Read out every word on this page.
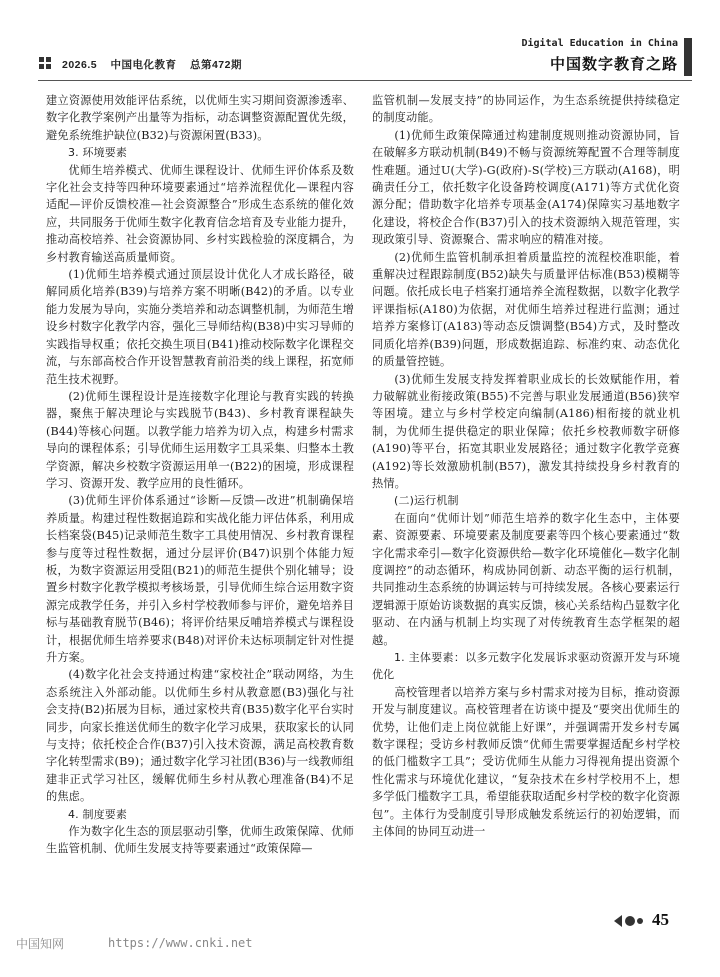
2026.5 中国电化教育 总第472期
Digital Education in China
中国数字教育之路

建立资源使用效能评估系统，以优师生实习期间资源渗透率、数字化教学案例产出量等为指标，动态调整资源配置优先级，避免系统维护缺位(B32)与资源闲置(B33)。

3. 环境要素

优师生培养模式、优师生课程设计、优师生评价体系及数字化社会支持等四种环境要素通过“培养流程优化—课程内容适配—评价反馈校准—社会资源整合”形成生态系统的催化效应，共同服务于优师生数字化教育信念培育及专业能力提升，推动高校培养、社会资源协同、乡村实践检验的深度耦合，为乡村教育输送高质量师资。

(1)优师生培养模式通过顶层设计优化人才成长路径，破解同质化培养(B39)与培养方案不明晰(B42)的矛盾。以专业能力发展为导向，实施分类培养和动态调整机制，为师范生增设乡村数字化教学内容，强化三导师结构(B38)中实习导师的实践指导权重；依托交换生项目(B41)推动校际数字化课程交流，与东部高校合作开设智慧教育前沿类的线上课程，拓宽师范生技术视野。

(2)优师生课程设计是连接数字化理论与教育实践的转换器，聚焦于解决理论与实践脱节(B43)、乡村教育课程缺失(B44)等核心问题。以教学能力培养为切入点，构建乡村需求导向的课程体系；引导优师生运用数字工具采集、归整本土教学资源，解决乡校数字资源运用单一(B22)的困境，形成课程学习、资源开发、教学应用的良性循环。

(3)优师生评价体系通过“诊断—反馈—改进”机制确保培养质量。构建过程性数据追踪和实战化能力评估体系，利用成长档案袋(B45)记录师范生数字工具使用情况、乡村教育课程参与度等过程性数据，通过分层评价(B47)识别个体能力短板，为数字资源运用受阻(B21)的师范生提供个别化辅导；设置乡村数字化教学模拟考核场景，引导优师生综合运用数字资源完成教学任务，并引入乡村学校教师参与评价，避免培养目标与基础教育脱节(B46)；将评价结果反哺培养模式与课程设计，根据优师生培养要求(B48)对评价未达标项制定针对性提升方案。

(4)数字化社会支持通过构建“家校社企”联动网络，为生态系统注入外部动能。以优师生乡村从教意愿(B3)强化与社会支持(B2)拓展为目标，通过家校共育(B35)数字化平台实时同步，向家长推送优师生的数字化学习成果，获取家长的认同与支持；依托校企合作(B37)引入技术资源，满足高校教育数字化转型需求(B9)；通过数字化学习社团(B36)与一线教师组建非正式学习社区，缓解优师生乡村从教心理准备(B4)不足的焦虑。

4. 制度要素

作为数字化生态的顶层驱动引擎，优师生政策保障、优师生监管机制、优师生发展支持等要素通过“政策保障—

监管机制—发展支持”的协同运作，为生态系统提供持续稳定的制度动能。

(1)优师生政策保障通过构建制度规则推动资源协同，旨在破解多方联动机制(B49)不畅与资源统筹配置不合理等制度性难题。通过U(大学)-G(政府)-S(学校)三方联动(A168)，明确责任分工，依托数字化设备跨校调度(A171)等方式优化资源分配；借助数字化培养专项基金(A174)保障实习基地数字化建设，将校企合作(B37)引入的技术资源纳入规范管理，实现政策引导、资源聚合、需求响应的精准对接。

(2)优师生监管机制承担着质量监控的流程校准职能，着重解决过程跟踪制度(B52)缺失与质量评估标准(B53)模糊等问题。依托成长电子档案打通培养全流程数据，以数字化教学评课指标(A180)为依据，对优师生培养过程进行监测；通过培养方案修订(A183)等动态反馈调整(B54)方式，及时整改同质化培养(B39)问题，形成数据追踪、标准约束、动态优化的质量管控链。

(3)优师生发展支持发挥着职业成长的长效赋能作用，着力破解就业衔接政策(B55)不完善与职业发展通道(B56)狭窄等困境。建立与乡村学校定向编制(A186)相衔接的就业机制，为优师生提供稳定的职业保障；依托乡校教师数字研修(A190)等平台，拓宽其职业发展路径；通过数字化教学竞赛(A192)等长效激励机制(B57)，激发其持续投身乡村教育的热情。

(二)运行机制

在面向“优师计划”师范生培养的数字化生态中，主体要素、资源要素、环境要素及制度要素等四个核心要素通过“数字化需求牵引—数字化资源供给—数字化环境催化—数字化制度调控”的动态循环，构成协同创新、动态平衡的运行机制，共同推动生态系统的协调运转与可持续发展。各核心要素运行逻辑源于原始访谈数据的真实反馈，核心关系结构凸显数字化驱动、在内涵与机制上均实现了对传统教育生态学框架的超越。

1. 主体要素：以多元数字化发展诉求驱动资源开发与环境优化

高校管理者以培养方案与乡村需求对接为目标，推动资源开发与制度建议。高校管理者在访谈中提及“要突出优师生的优势，让他们走上岗位就能上好课”，并强调需开发乡村专属数字课程；受访乡村教师反馈“优师生需要掌握适配乡村学校的低门槛数字工具”；受访优师生从能力习得视角提出资源个性化需求与环境优化建议，“复杂技术在乡村学校用不上，想多学低门槛数字工具，希望能获取适配乡村学校的数字化资源包”。主体行为受制度引导形成触发系统运行的初始逻辑，而主体间的协同互动进一

中国知网	https://www.cnki.net
45
